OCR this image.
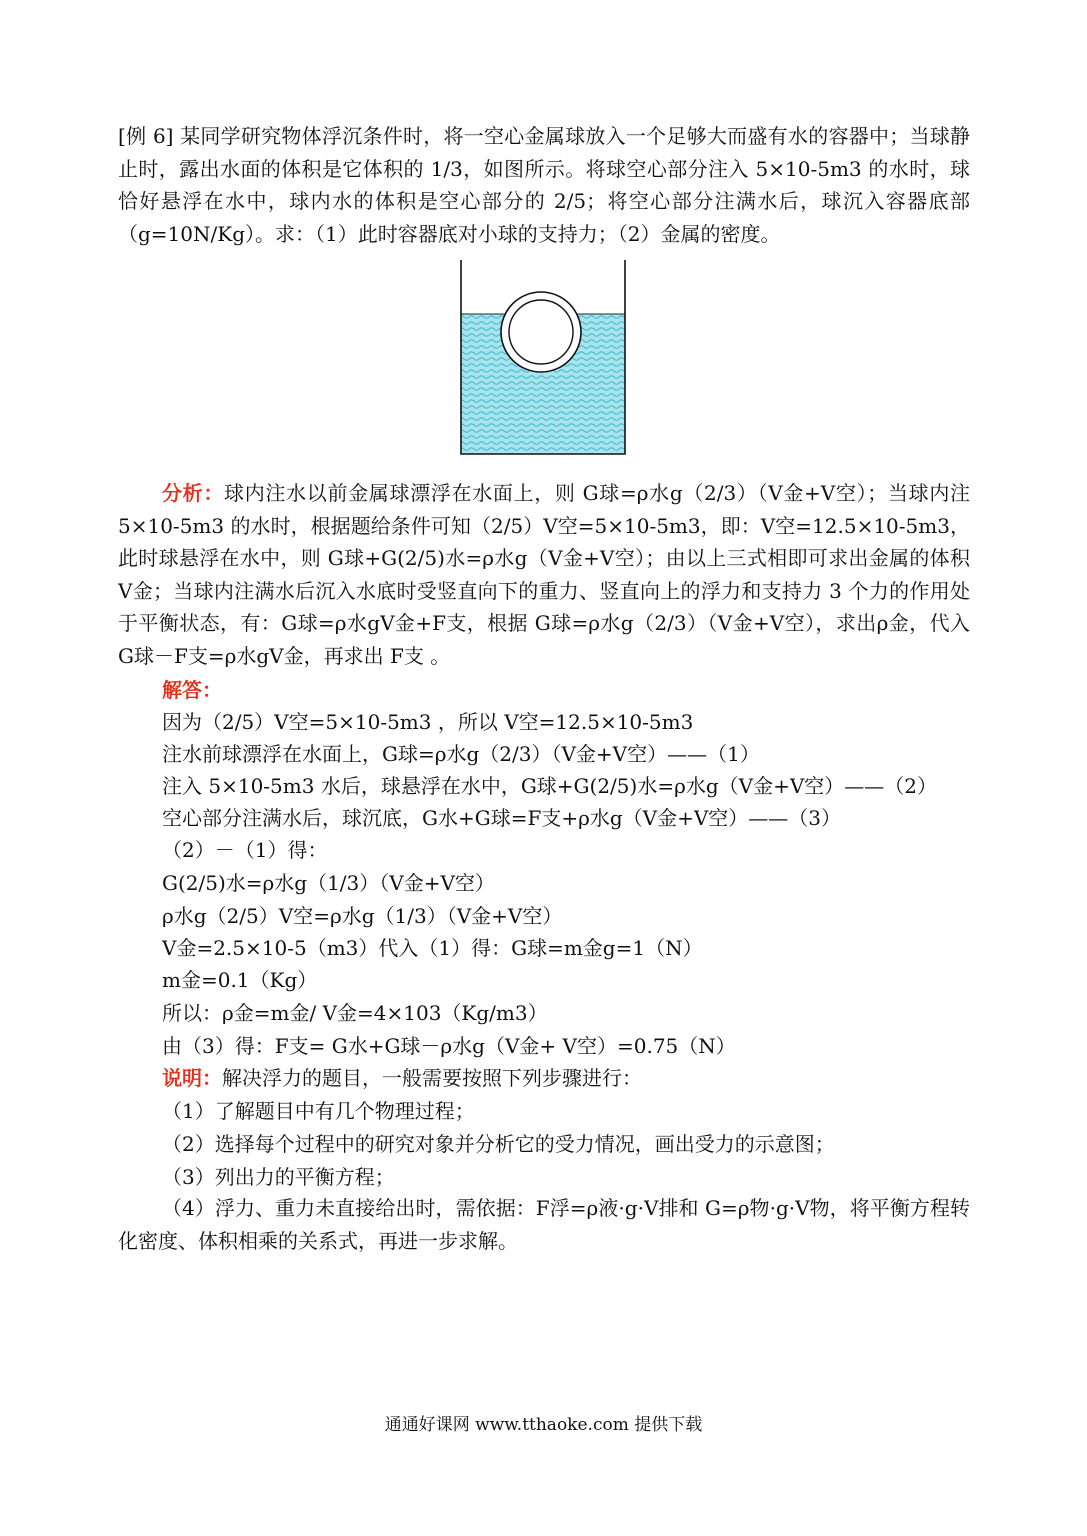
[例 6] 某同学研究物体浮沉条件时，将一空心金属球放入一个足够大而盛有水的容器中；当球静止时，露出水面的体积是它体积的 1/3，如图所示。将球空心部分注入 5×10-5m3 的水时，球恰好悬浮在水中，球内水的体积是空心部分的 2/5；将空心部分注满水后，球沉入容器底部（g=10N/Kg）。求：（1）此时容器底对小球的支持力；（2）金属的密度。
分析：球内注水以前金属球漂浮在水面上，则 G球=ρ水g（2/3）（V金+V空）；当球内注 5×10-5m3 的水时，根据题给条件可知（2/5）V空=5×10-5m3，即：V空=12.5×10-5m3，此时球悬浮在水中，则 G球+G(2/5)水=ρ水g（V金+V空）；由以上三式相即可求出金属的体积 V金；当球内注满水后沉入水底时受竖直向下的重力、竖直向上的浮力和支持力 3 个力的作用处于平衡状态，有：G球=ρ水gV金+F支，根据 G球=ρ水g（2/3）（V金+V空），求出ρ金，代入 G球－F支=ρ水gV金，再求出 F支 。
解答：
因为（2/5）V空=5×10-5m3 ，所以 V空=12.5×10-5m3
注水前球漂浮在水面上，G球=ρ水g（2/3）（V金+V空）——（1）
注入 5×10-5m3 水后，球悬浮在水中，G球+G(2/5)水=ρ水g（V金+V空）——（2）
空心部分注满水后，球沉底，G水+G球=F支+ρ水g（V金+V空）——（3）
（2）－（1）得：
G(2/5)水=ρ水g（1/3）（V金+V空）
ρ水g（2/5）V空=ρ水g（1/3）（V金+V空）
V金=2.5×10-5（m3）代入（1）得：G球=m金g=1（N）
m金=0.1（Kg）
所以：ρ金=m金/ V金=4×103（Kg/m3）
由（3）得：F支= G水+G球－ρ水g（V金+ V空）=0.75（N）
说明：解决浮力的题目，一般需要按照下列步骤进行：
（1）了解题目中有几个物理过程；
（2）选择每个过程中的研究对象并分析它的受力情况，画出受力的示意图；
（3）列出力的平衡方程；
（4）浮力、重力未直接给出时，需依据：F浮=ρ液·g·V排和 G=ρ物·g·V物，将平衡方程转化密度、体积相乘的关系式，再进一步求解。
通通好课网 www.tthaoke.com 提供下载
